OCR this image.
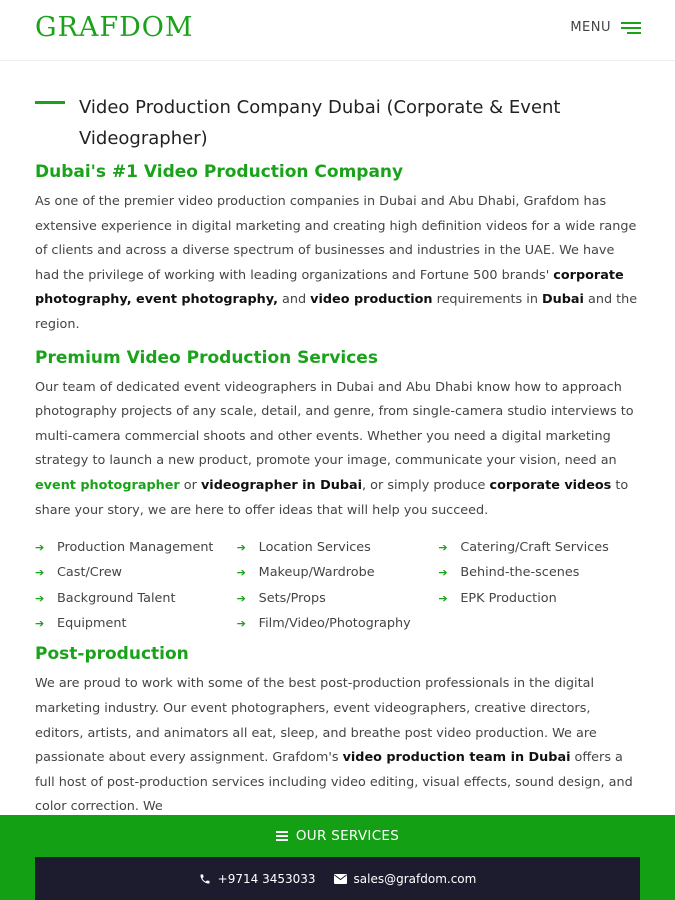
GRAFDOM	MENU
Video Production Company Dubai (Corporate & Event Videographer)
Dubai's #1 Video Production Company

As one of the premier video production companies in Dubai and Abu Dhabi, Grafdom has extensive experience in digital marketing and creating high definition videos for a wide range of clients and across a diverse spectrum of businesses and industries in the UAE. We have had the privilege of working with leading organizations and Fortune 500 brands' corporate photography, event photography, and video production requirements in Dubai and the region.

Premium Video Production Services

Our team of dedicated event videographers in Dubai and Abu Dhabi know how to approach photography projects of any scale, detail, and genre, from single-camera studio interviews to multi-camera commercial shoots and other events. Whether you need a digital marketing strategy to launch a new product, promote your image, communicate your vision, need an event photographer or videographer in Dubai, or simply produce corporate videos to share your story, we are here to offer ideas that will help you succeed.

➔ Production Management
➔ Cast/Crew
➔ Background Talent
➔ Equipment
➔ Location Services
➔ Makeup/Wardrobe
➔ Sets/Props
➔ Film/Video/Photography
➔ Catering/Craft Services
➔ Behind-the-scenes
➔ EPK Production
Post-production

We are proud to work with some of the best post-production professionals in the digital marketing industry. Our event photographers, event videographers, creative directors, editors, artists, and animators all eat, sleep, and breathe post video production. We are passionate about every assignment. Grafdom's video production team in Dubai offers a full host of post-production services including video editing, visual effects, sound design, and color correction. We

OUR SERVICES
+9714 3453033	sales@grafdom.com
